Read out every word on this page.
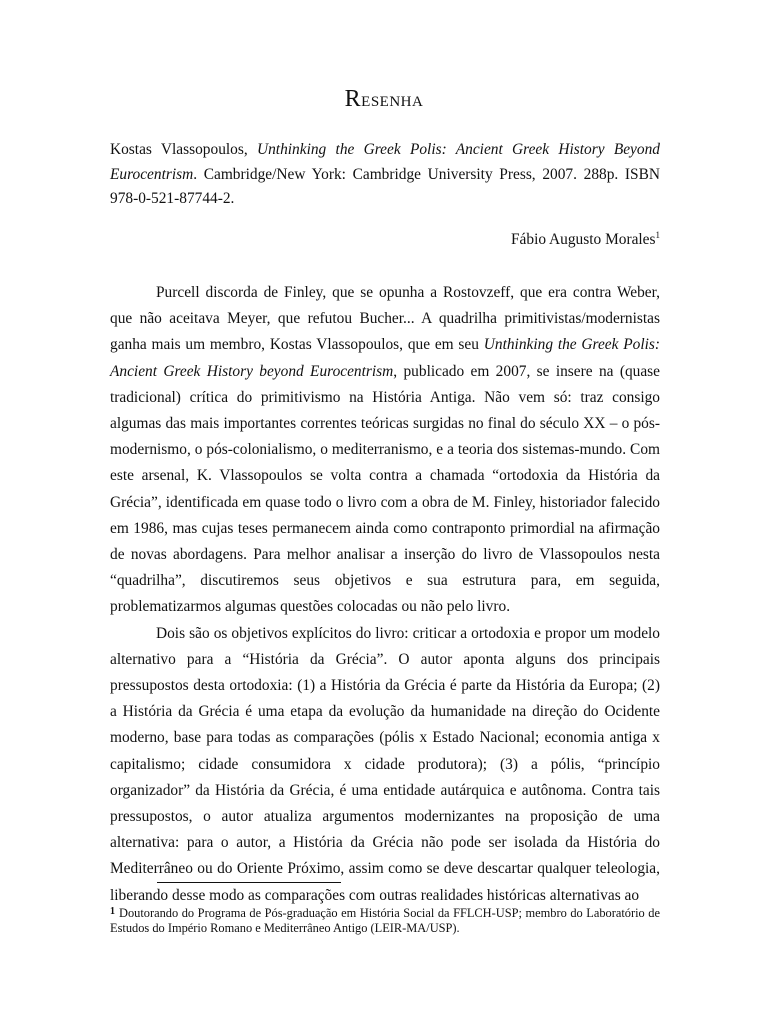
Resenha
Kostas Vlassopoulos, Unthinking the Greek Polis: Ancient Greek History Beyond Eurocentrism. Cambridge/New York: Cambridge University Press, 2007. 288p. ISBN 978-0-521-87744-2.
Fábio Augusto Morales$^1$

Purcell discorda de Finley, que se opunha a Rostovzeff, que era contra Weber, que não aceitava Meyer, que refutou Bucher... A quadrilha primitivistas/modernistas ganha mais um membro, Kostas Vlassopoulos, que em seu Unthinking the Greek Polis: Ancient Greek History beyond Eurocentrism, publicado em 2007, se insere na (quase tradicional) crítica do primitivismo na História Antiga. Não vem só: traz consigo algumas das mais importantes correntes teóricas surgidas no final do século XX – o pós-modernismo, o pós-colonialismo, o mediterranismo, e a teoria dos sistemas-mundo. Com este arsenal, K. Vlassopoulos se volta contra a chamada “ortodoxia da História da Grécia”, identificada em quase todo o livro com a obra de M. Finley, historiador falecido em 1986, mas cujas teses permanecem ainda como contraponto primordial na afirmação de novas abordagens. Para melhor analisar a inserção do livro de Vlassopoulos nesta “quadrilha”, discutiremos seus objetivos e sua estrutura para, em seguida, problematizarmos algumas questões colocadas ou não pelo livro.

Dois são os objetivos explícitos do livro: criticar a ortodoxia e propor um modelo alternativo para a “História da Grécia”. O autor aponta alguns dos principais pressupostos desta ortodoxia: (1) a História da Grécia é parte da História da Europa; (2) a História da Grécia é uma etapa da evolução da humanidade na direção do Ocidente moderno, base para todas as comparações (pólis x Estado Nacional; economia antiga x capitalismo; cidade consumidora x cidade produtora); (3) a pólis, “princípio organizador” da História da Grécia, é uma entidade autárquica e autônoma. Contra tais pressupostos, o autor atualiza argumentos modernizantes na proposição de uma alternativa: para o autor, a História da Grécia não pode ser isolada da História do Mediterrâneo ou do Oriente Próximo, assim como se deve descartar qualquer teleologia, liberando desse modo as comparações com outras realidades históricas alternativas ao

$^1$ Doutorando do Programa de Pós-graduação em História Social da FFLCH-USP; membro do Laboratório de Estudos do Império Romano e Mediterrâneo Antigo (LEIR-MA/USP).
